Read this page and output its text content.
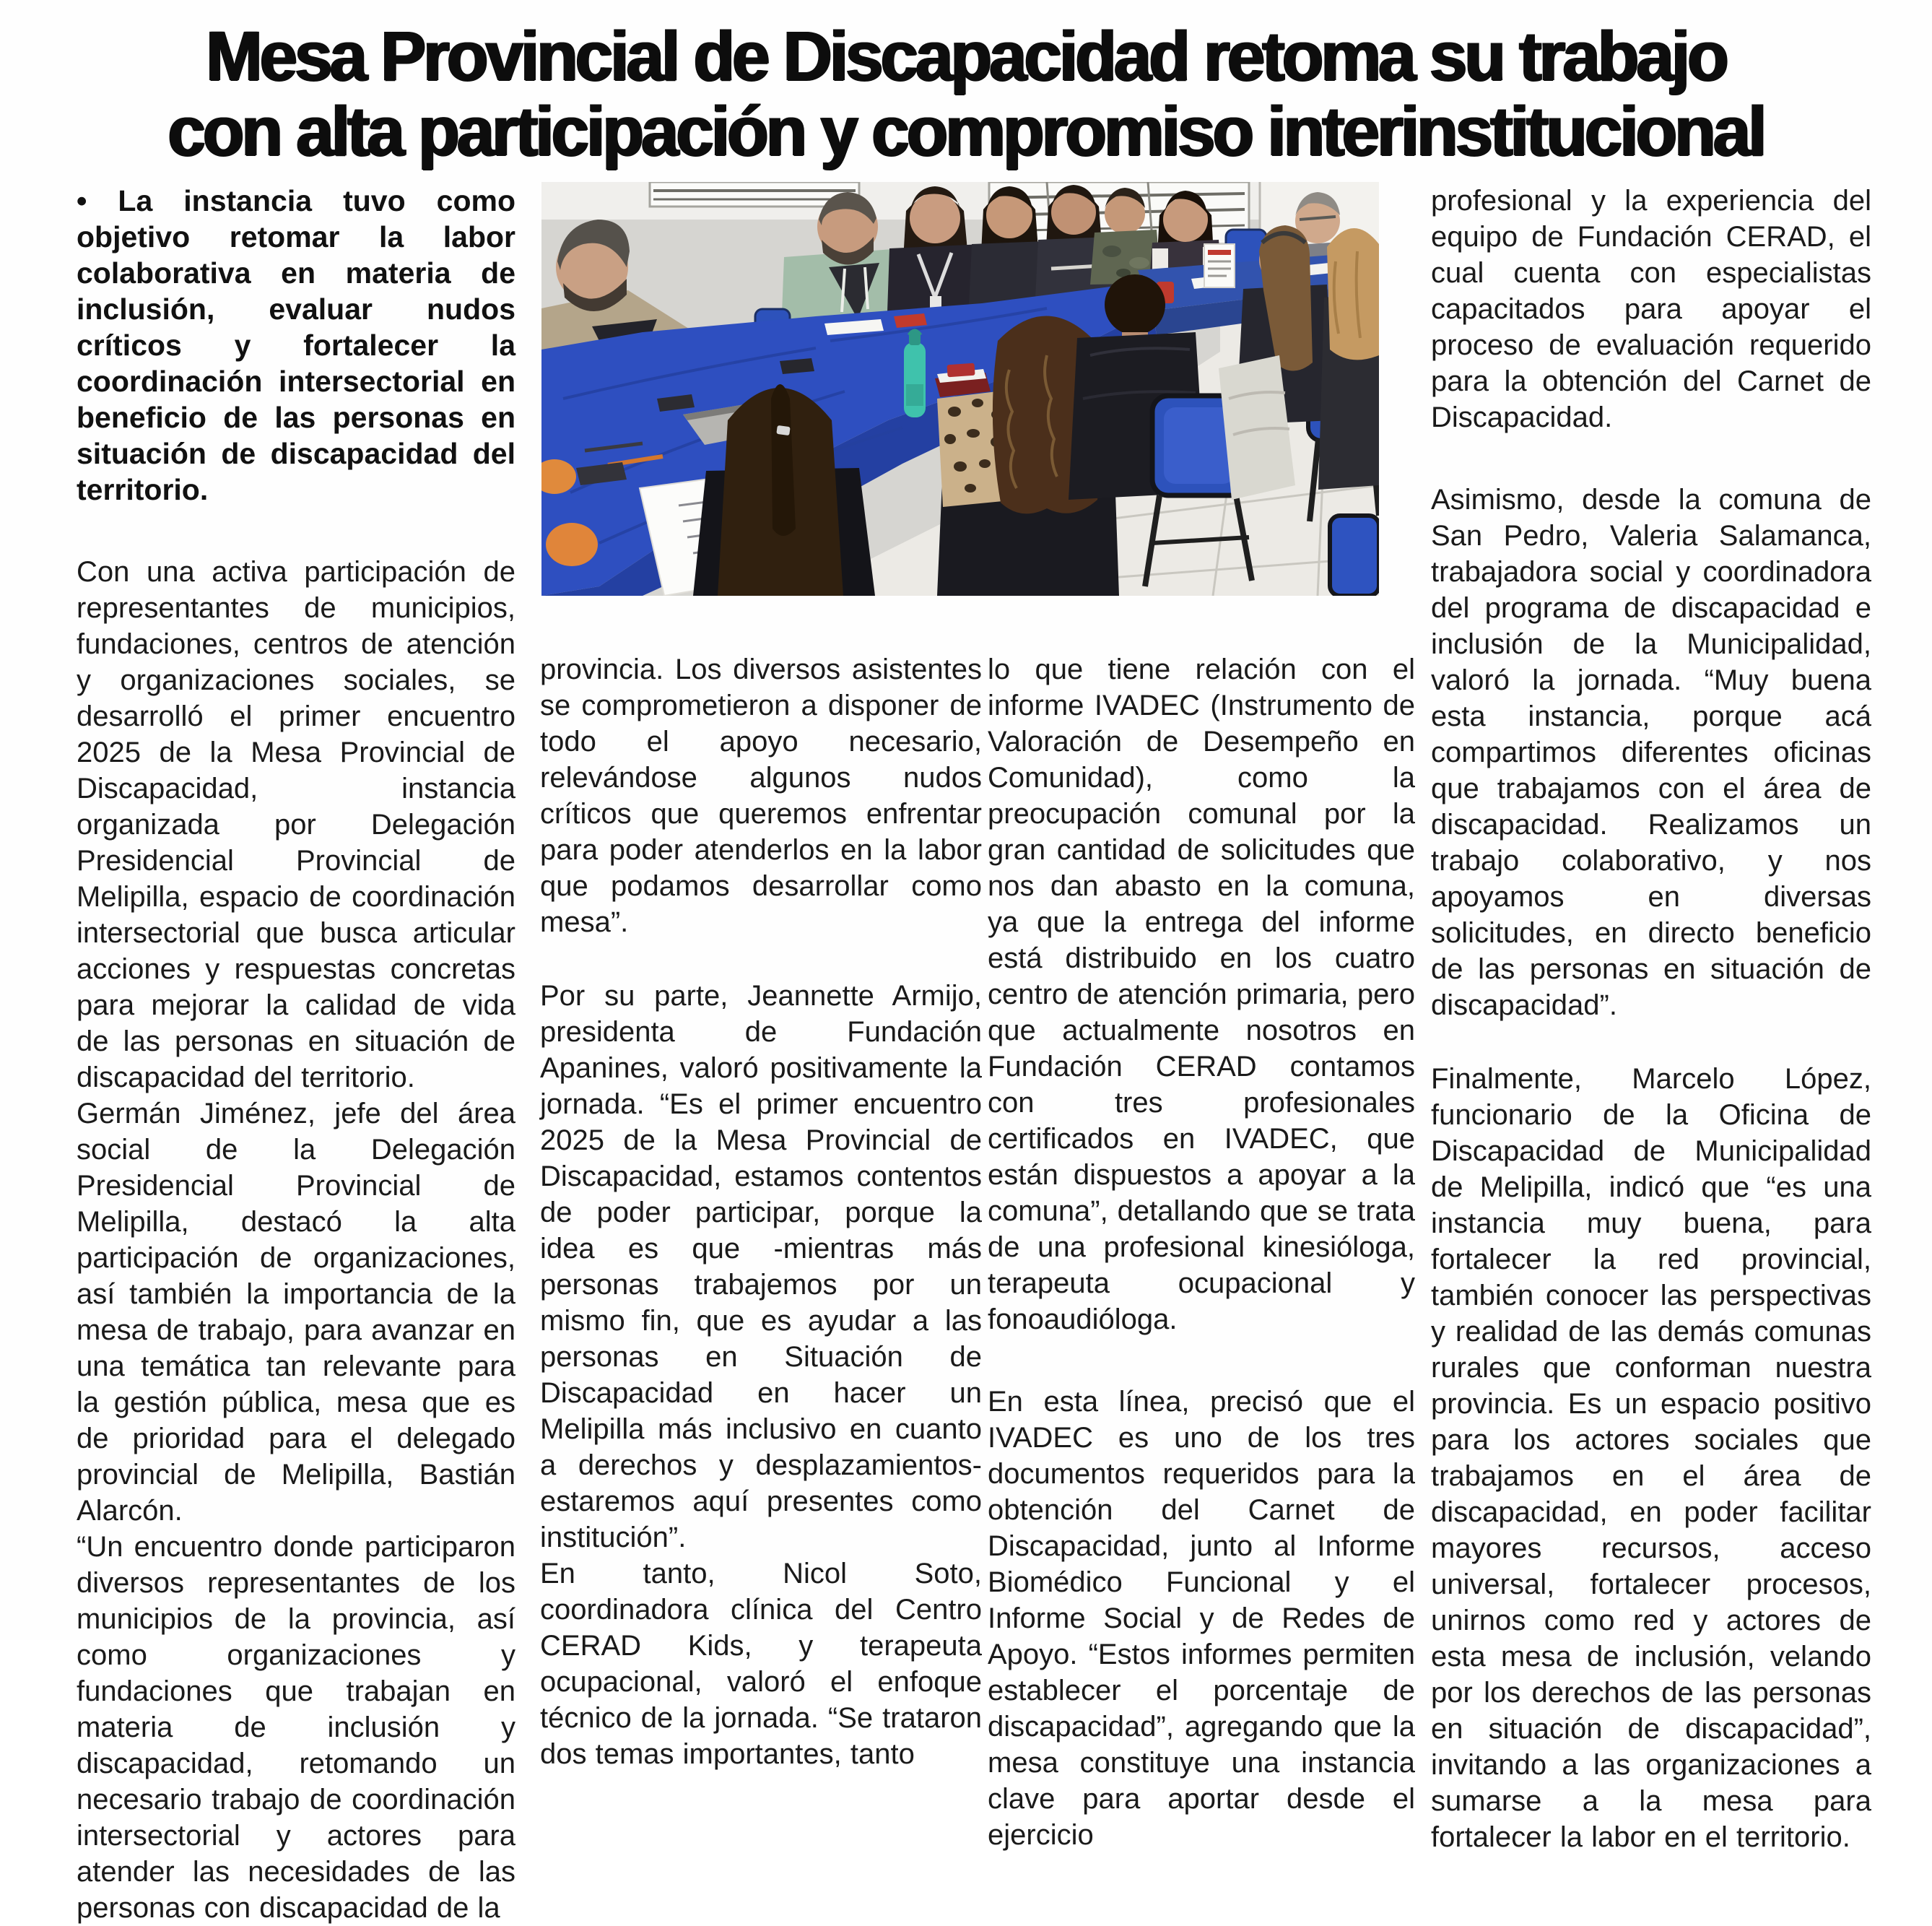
Mesa Provincial de Discapacidad retoma su trabajo
con alta participación y compromiso interinstitucional

• La instancia tuvo como objetivo retomar la labor colaborativa en materia de inclusión, evaluar nudos críticos y fortalecer la coordinación intersectorial en beneficio de las personas en situación de discapacidad del territorio.

Con una activa participación de representantes de municipios, fundaciones, centros de atención y organizaciones sociales, se desarrolló el primer encuentro 2025 de la Mesa Provincial de Discapacidad, instancia organizada por Delegación Presidencial Provincial de Melipilla, espacio de coordinación intersectorial que busca articular acciones y respuestas concretas para mejorar la calidad de vida de las personas en situación de discapacidad del territorio.

Germán Jiménez, jefe del área social de la Delegación Presidencial Provincial de Melipilla, destacó la alta participación de organizaciones, así también la importancia de la mesa de trabajo, para avanzar en una temática tan relevante para la gestión pública, mesa que es de prioridad para el delegado provincial de Melipilla, Bastián Alarcón.

“Un encuentro donde participaron diversos representantes de los municipios de la provincia, así como organizaciones y fundaciones que trabajan en materia de inclusión y discapacidad, retomando un necesario trabajo de coordinación intersectorial y actores para atender las necesidades de las personas con discapacidad de la

provincia. Los diversos asistentes se comprometieron a disponer de todo el apoyo necesario, relevándose algunos nudos críticos que queremos enfrentar para poder atenderlos en la labor que podamos desarrollar como mesa”.

Por su parte, Jeannette Armijo, presidenta de Fundación Apanines, valoró positivamente la jornada. “Es el primer encuentro 2025 de la Mesa Provincial de Discapacidad, estamos contentos de poder participar, porque la idea es que -mientras más personas trabajemos por un mismo fin, que es ayudar a las personas en Situación de Discapacidad en hacer un Melipilla más inclusivo en cuanto a derechos y desplazamientos- estaremos aquí presentes como institución”.

En tanto, Nicol Soto, coordinadora clínica del Centro CERAD Kids, y terapeuta ocupacional, valoró el enfoque técnico de la jornada. “Se trataron dos temas importantes, tanto

lo que tiene relación con el informe IVADEC (Instrumento de Valoración de Desempeño en Comunidad), como la preocupación comunal por la gran cantidad de solicitudes que nos dan abasto en la comuna, ya que la entrega del informe está distribuido en los cuatro centro de atención primaria, pero que actualmente nosotros en Fundación CERAD contamos con tres profesionales certificados en IVADEC, que están dispuestos a apoyar a la comuna”, detallando que se trata de una profesional kinesióloga, terapeuta ocupacional y fonoaudióloga.

En esta línea, precisó que el IVADEC es uno de los tres documentos requeridos para la obtención del Carnet de Discapacidad, junto al Informe Biomédico Funcional y el Informe Social y de Redes de Apoyo. “Estos informes permiten establecer el porcentaje de discapacidad”, agregando que la mesa constituye una instancia clave para aportar desde el ejercicio

profesional y la experiencia del equipo de Fundación CERAD, el cual cuenta con especialistas capacitados para apoyar el proceso de evaluación requerido para la obtención del Carnet de Discapacidad.

Asimismo, desde la comuna de San Pedro, Valeria Salamanca, trabajadora social y coordinadora del programa de discapacidad e inclusión de la Municipalidad, valoró la jornada. “Muy buena esta instancia, porque acá compartimos diferentes oficinas que trabajamos con el área de discapacidad. Realizamos un trabajo colaborativo, y nos apoyamos en diversas solicitudes, en directo beneficio de las personas en situación de discapacidad”.

Finalmente, Marcelo López, funcionario de la Oficina de Discapacidad de Municipalidad de Melipilla, indicó que “es una instancia muy buena, para fortalecer la red provincial, también conocer las perspectivas y realidad de las demás comunas rurales que conforman nuestra provincia. Es un espacio positivo para los actores sociales que trabajamos en el área de discapacidad, en poder facilitar mayores recursos, acceso universal, fortalecer procesos, unirnos como red y actores de esta mesa de inclusión, velando por los derechos de las personas en situación de discapacidad”, invitando a las organizaciones a sumarse a la mesa para fortalecer la labor en el territorio.
